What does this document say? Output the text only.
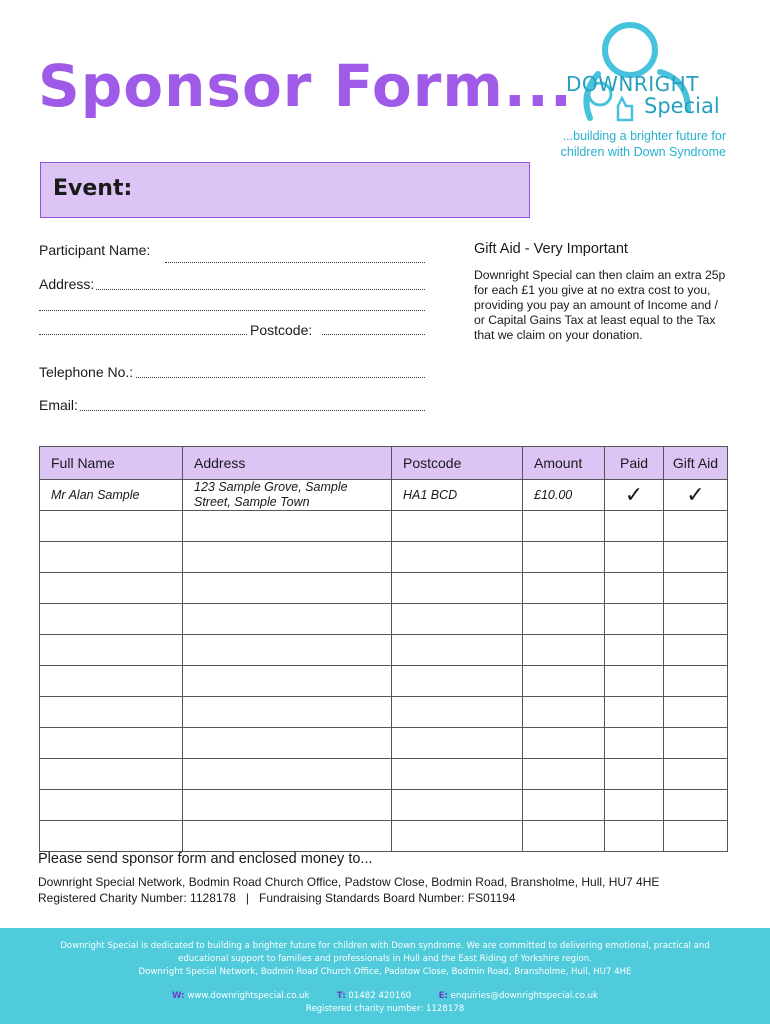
Sponsor Form...
DOWNRIGHT
Special
...building a brighter future for
children with Down Syndrome
Event:
Participant Name:
Address:
Postcode:
Telephone No.:
Email:
Gift Aid - Very Important
Downright Special can then claim an extra 25p for each £1 you give at no extra cost to you, providing you pay an amount of Income and / or Capital Gains Tax at least equal to the Tax that we claim on your donation.
Full Name	Address	Postcode	Amount	Paid	Gift Aid
Mr Alan Sample	123 Sample Grove, Sample
Street, Sample Town	HA1 BCD	£10.00	✓	✓

Please send sponsor form and enclosed money to...
Downright Special Network, Bodmin Road Church Office, Padstow Close, Bodmin Road, Bransholme, Hull, HU7 4HE
Registered Charity Number: 1128178   |   Fundraising Standards Board Number: FS01194
Downright Special is dedicated to building a brighter future for children with Down syndrome. We are committed to delivering emotional, practical and
educational support to families and professionals in Hull and the East Riding of Yorkshire region.
Downright Special Network, Bodmin Road Church Office, Padstow Close, Bodmin Road, Bransholme, Hull, HU7 4HE
W: www.downrightspecial.co.uk	T: 01482 420160	E: enquiries@downrightspecial.co.uk
Registered charity number: 1128178
